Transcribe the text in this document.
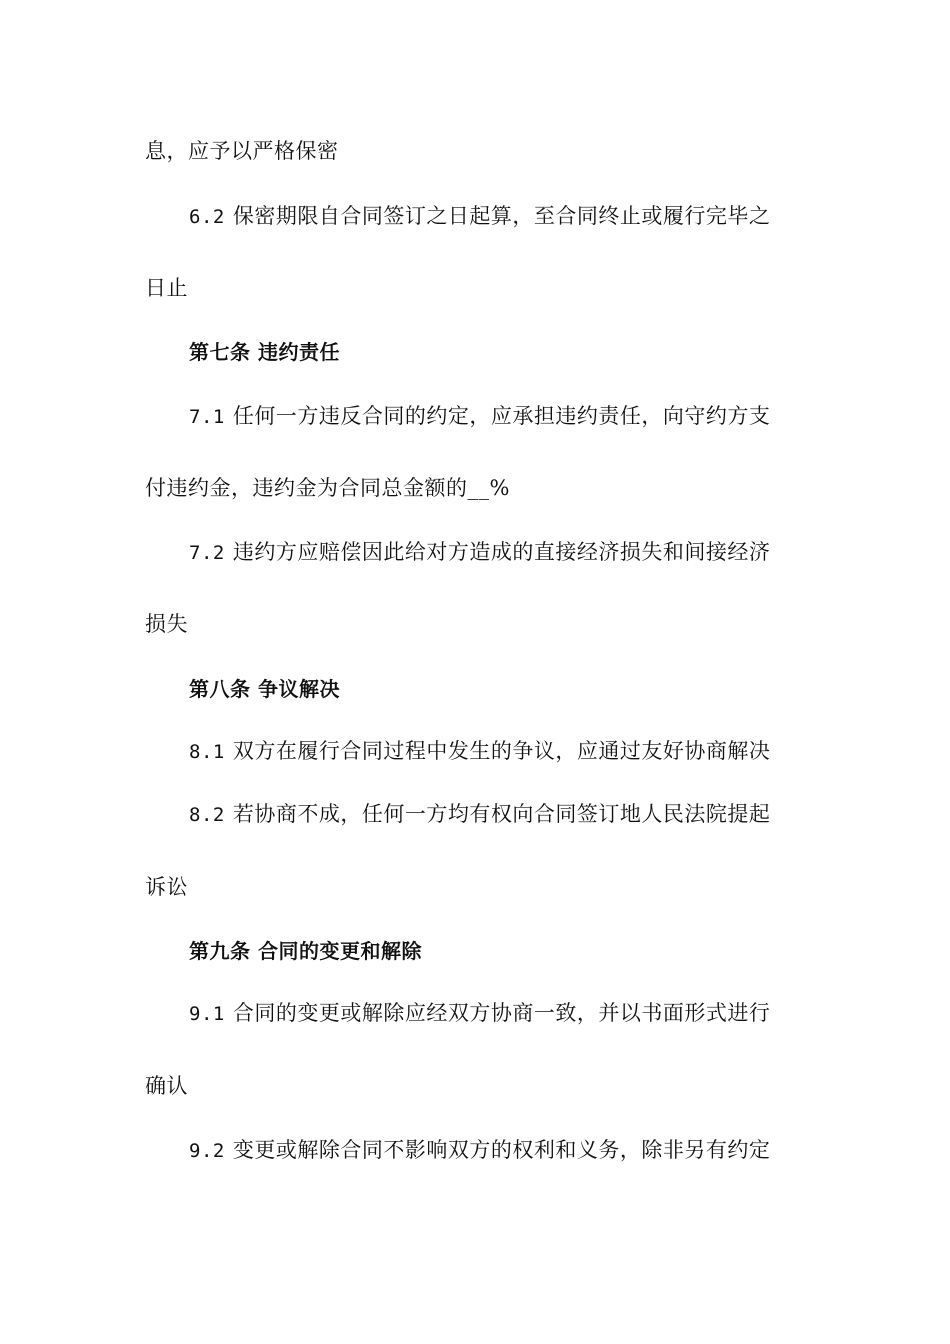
息，应予以严格保密
6.2 保密期限自合同签订之日起算，至合同终止或履行完毕之
日止
第七条 违约责任
7.1 任何一方违反合同的约定，应承担违约责任，向守约方支
付违约金，违约金为合同总金额的__%
7.2 违约方应赔偿因此给对方造成的直接经济损失和间接经济
损失
第八条 争议解决
8.1 双方在履行合同过程中发生的争议，应通过友好协商解决
8.2 若协商不成，任何一方均有权向合同签订地人民法院提起
诉讼
第九条 合同的变更和解除
9.1 合同的变更或解除应经双方协商一致，并以书面形式进行
确认
9.2 变更或解除合同不影响双方的权利和义务，除非另有约定
